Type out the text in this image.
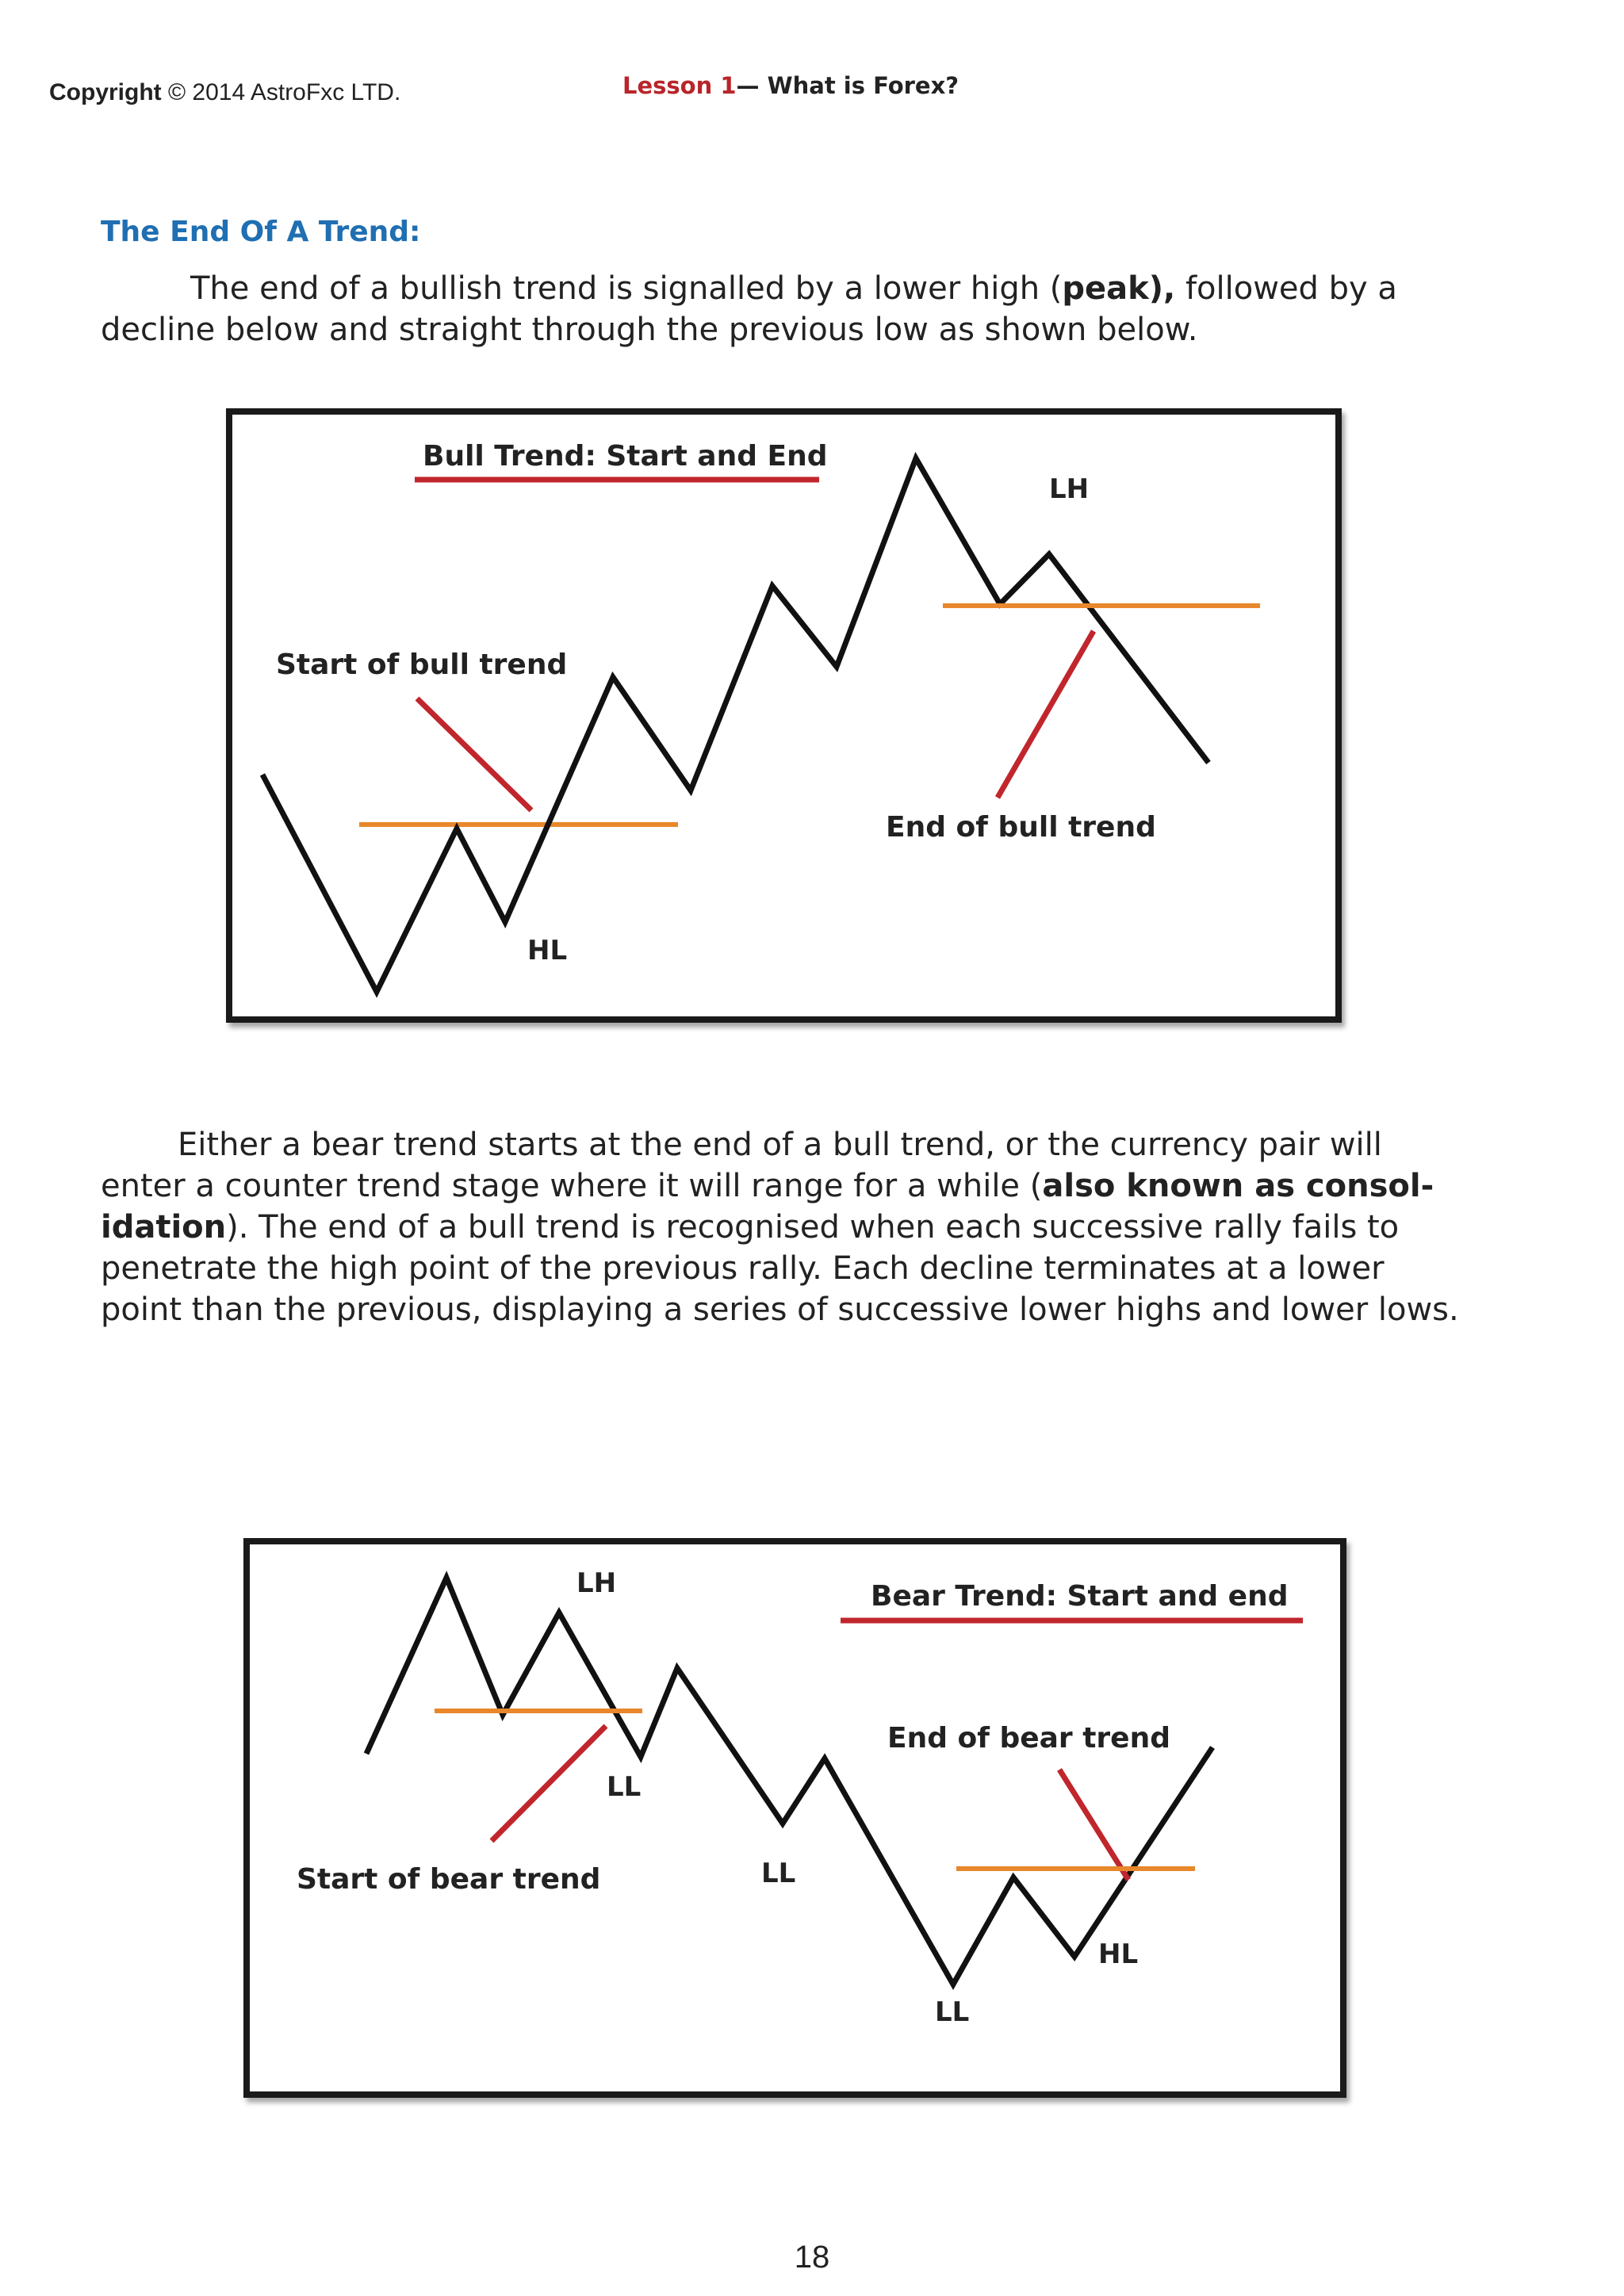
Copyright © 2014 AstroFxc LTD.	Lesson 1— What is Forex?
The End Of A Trend:

The end of a bullish trend is signalled by a lower high (peak), followed by a decline below and straight through the previous low as shown below.

Bull Trend: Start and End
Start of bull trend
HL
LH
End of bull trend

Either a bear trend starts at the end of a bull trend, or the currency pair will enter a counter trend stage where it will range for a while (also known as consol- idation). The end of a bull trend is recognised when each successive rally fails to penetrate the high point of the previous rally. Each decline terminates at a lower point than the previous, displaying a series of successive lower highs and lower lows.

LH
LL
Start of bear trend	LL
Bear Trend: Start and end
End of bear trend
HL
LL
18
